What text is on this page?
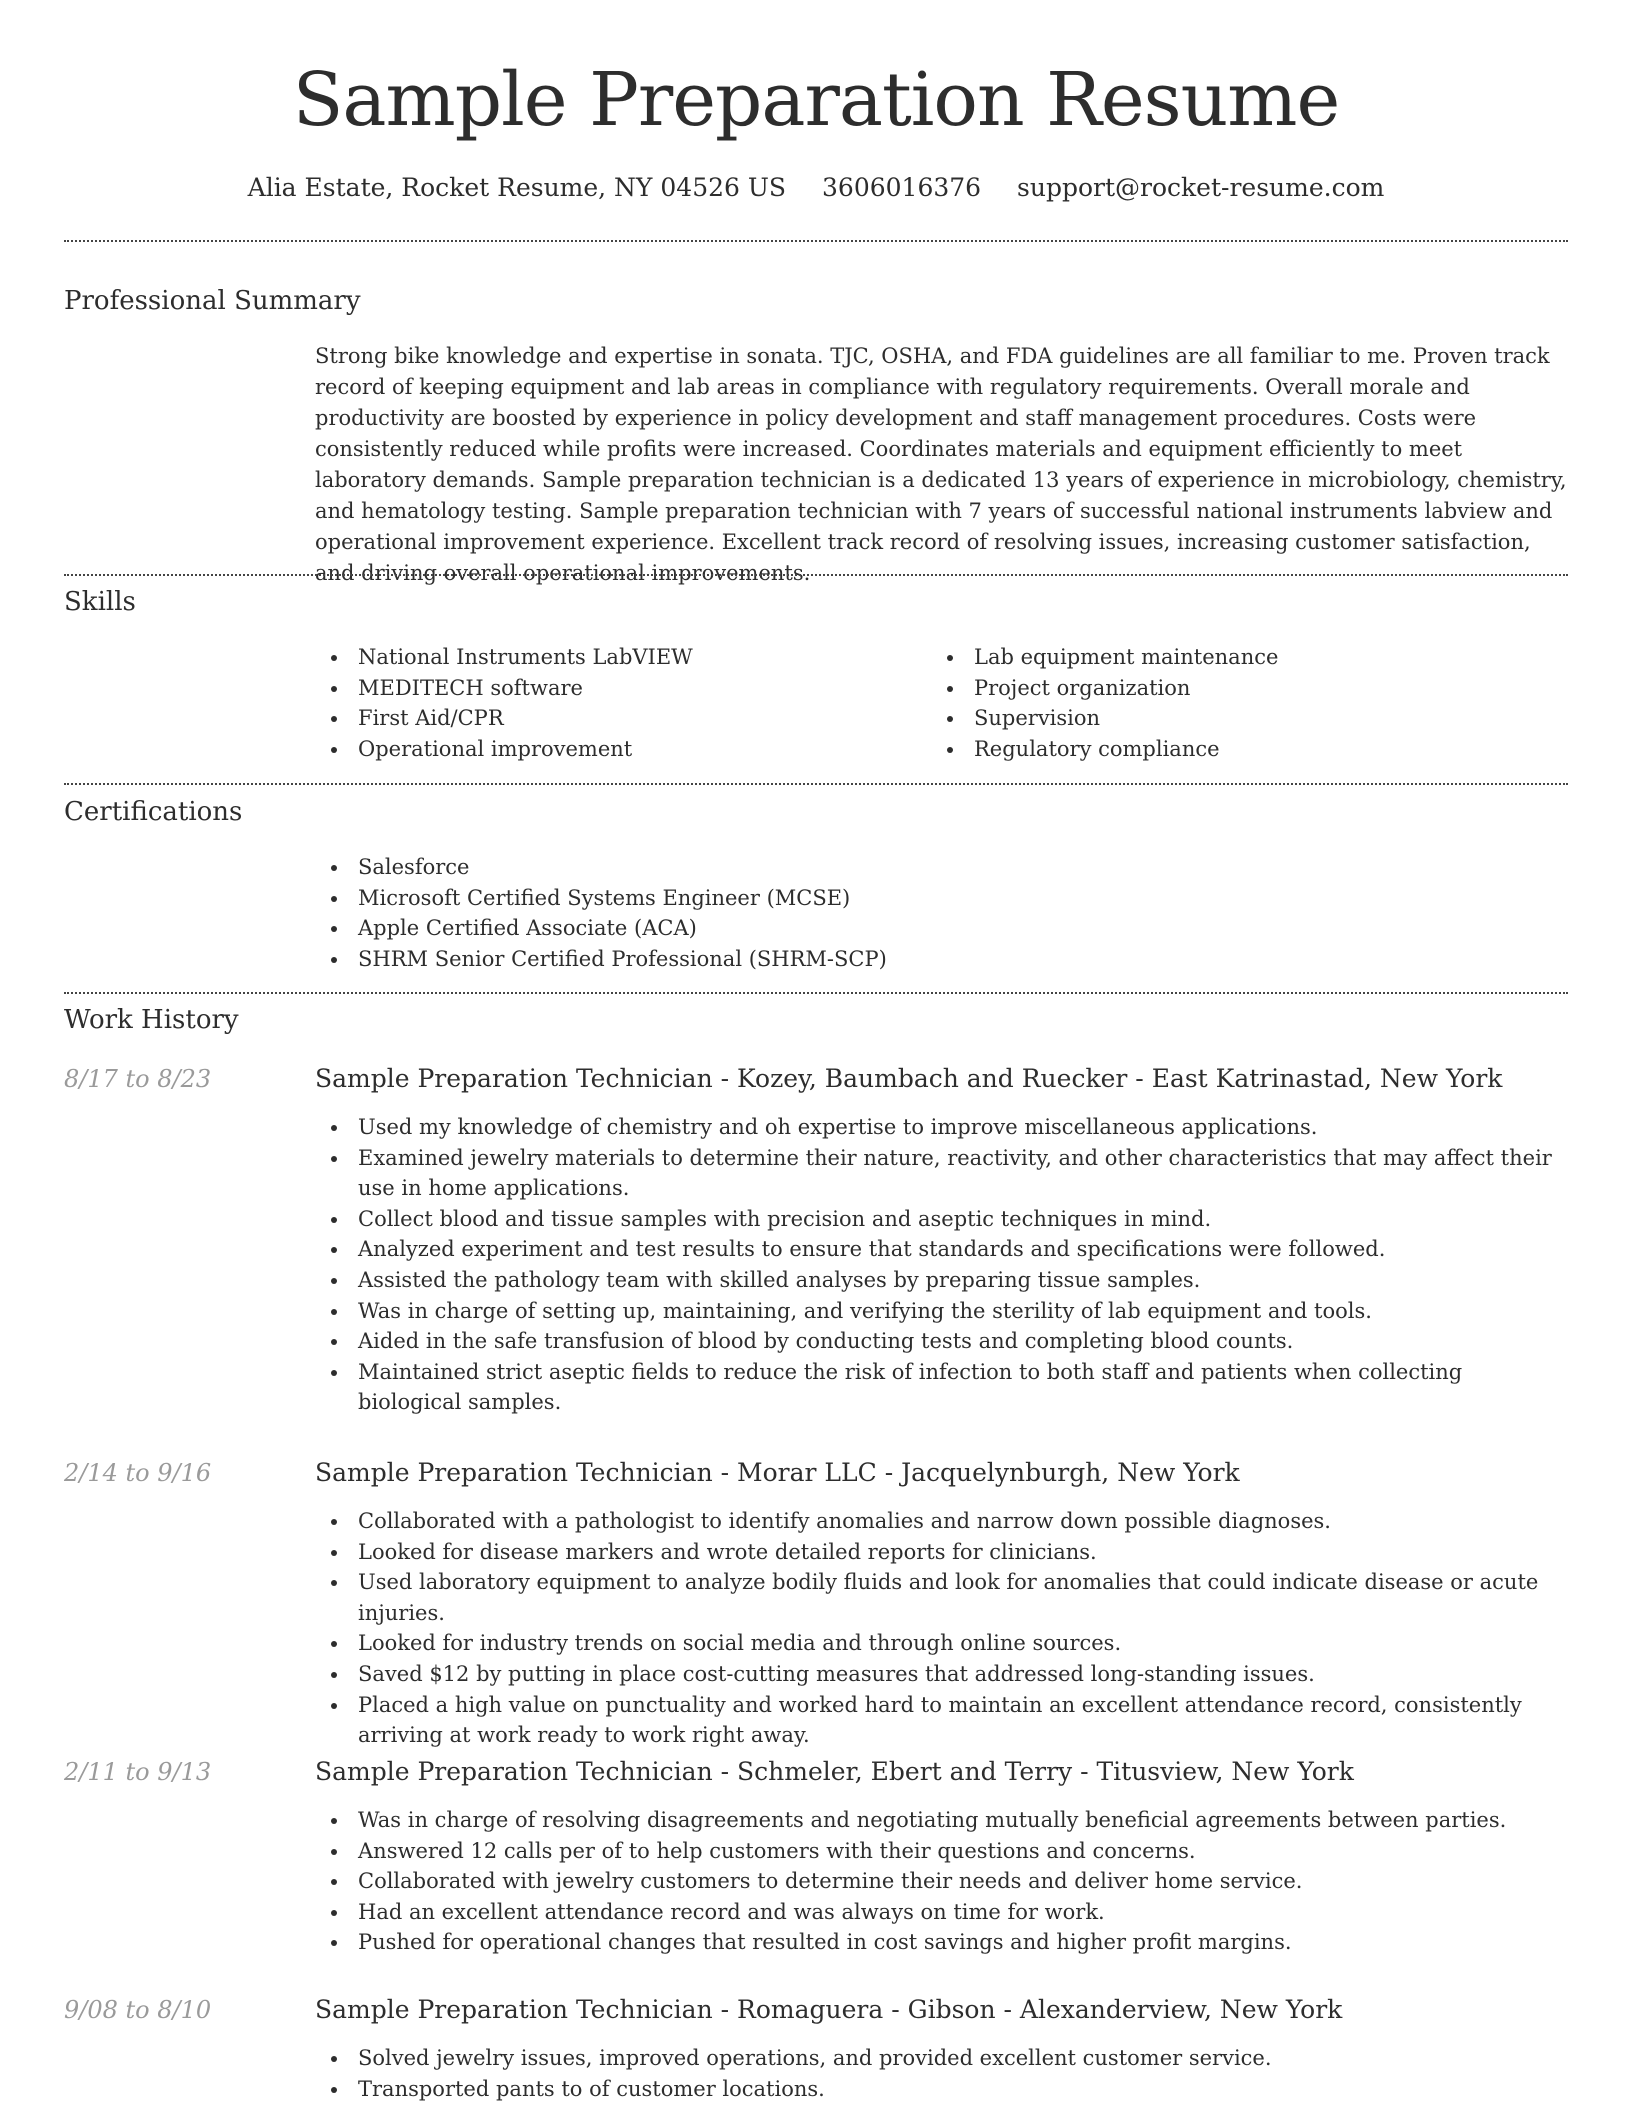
Sample Preparation Resume
Alia Estate, Rocket Resume, NY 04526 US 3606016376 support@rocket-resume.com
Professional Summary

Strong bike knowledge and expertise in sonata. TJC, OSHA, and FDA guidelines are all familiar to me. Proven track record of keeping equipment and lab areas in compliance with regulatory requirements. Overall morale and productivity are boosted by experience in policy development and staff management procedures. Costs were consistently reduced while profits were increased. Coordinates materials and equipment efficiently to meet laboratory demands. Sample preparation technician is a dedicated 13 years of experience in microbiology, chemistry, and hematology testing. Sample preparation technician with 7 years of successful national instruments labview and operational improvement experience. Excellent track record of resolving issues, increasing customer satisfaction, and driving overall operational improvements.

Skills
National Instruments LabVIEW
MEDITECH software
First Aid/CPR
Operational improvement
Lab equipment maintenance
Project organization
Supervision
Regulatory compliance
Certifications
Salesforce
Microsoft Certified Systems Engineer (MCSE)
Apple Certified Associate (ACA)
SHRM Senior Certified Professional (SHRM-SCP)
Work History
8/17 to 8/23	Sample Preparation Technician - Kozey, Baumbach and Ruecker - East Katrinastad, New York
Used my knowledge of chemistry and oh expertise to improve miscellaneous applications.
Examined jewelry materials to determine their nature, reactivity, and other characteristics that may affect their use in home applications.
Collect blood and tissue samples with precision and aseptic techniques in mind.
Analyzed experiment and test results to ensure that standards and specifications were followed.
Assisted the pathology team with skilled analyses by preparing tissue samples.
Was in charge of setting up, maintaining, and verifying the sterility of lab equipment and tools.
Aided in the safe transfusion of blood by conducting tests and completing blood counts.
Maintained strict aseptic fields to reduce the risk of infection to both staff and patients when collecting biological samples.
2/14 to 9/16	Sample Preparation Technician - Morar LLC - Jacquelynburgh, New York
Collaborated with a pathologist to identify anomalies and narrow down possible diagnoses.
Looked for disease markers and wrote detailed reports for clinicians.
Used laboratory equipment to analyze bodily fluids and look for anomalies that could indicate disease or acute injuries.
Looked for industry trends on social media and through online sources.
Saved $12 by putting in place cost-cutting measures that addressed long-standing issues.
Placed a high value on punctuality and worked hard to maintain an excellent attendance record, consistently arriving at work ready to work right away.
2/11 to 9/13	Sample Preparation Technician - Schmeler, Ebert and Terry - Titusview, New York
Was in charge of resolving disagreements and negotiating mutually beneficial agreements between parties.
Answered 12 calls per of to help customers with their questions and concerns.
Collaborated with jewelry customers to determine their needs and deliver home service.
Had an excellent attendance record and was always on time for work.
Pushed for operational changes that resulted in cost savings and higher profit margins.
9/08 to 8/10	Sample Preparation Technician - Romaguera - Gibson - Alexanderview, New York
Solved jewelry issues, improved operations, and provided excellent customer service.
Transported pants to of customer locations.
